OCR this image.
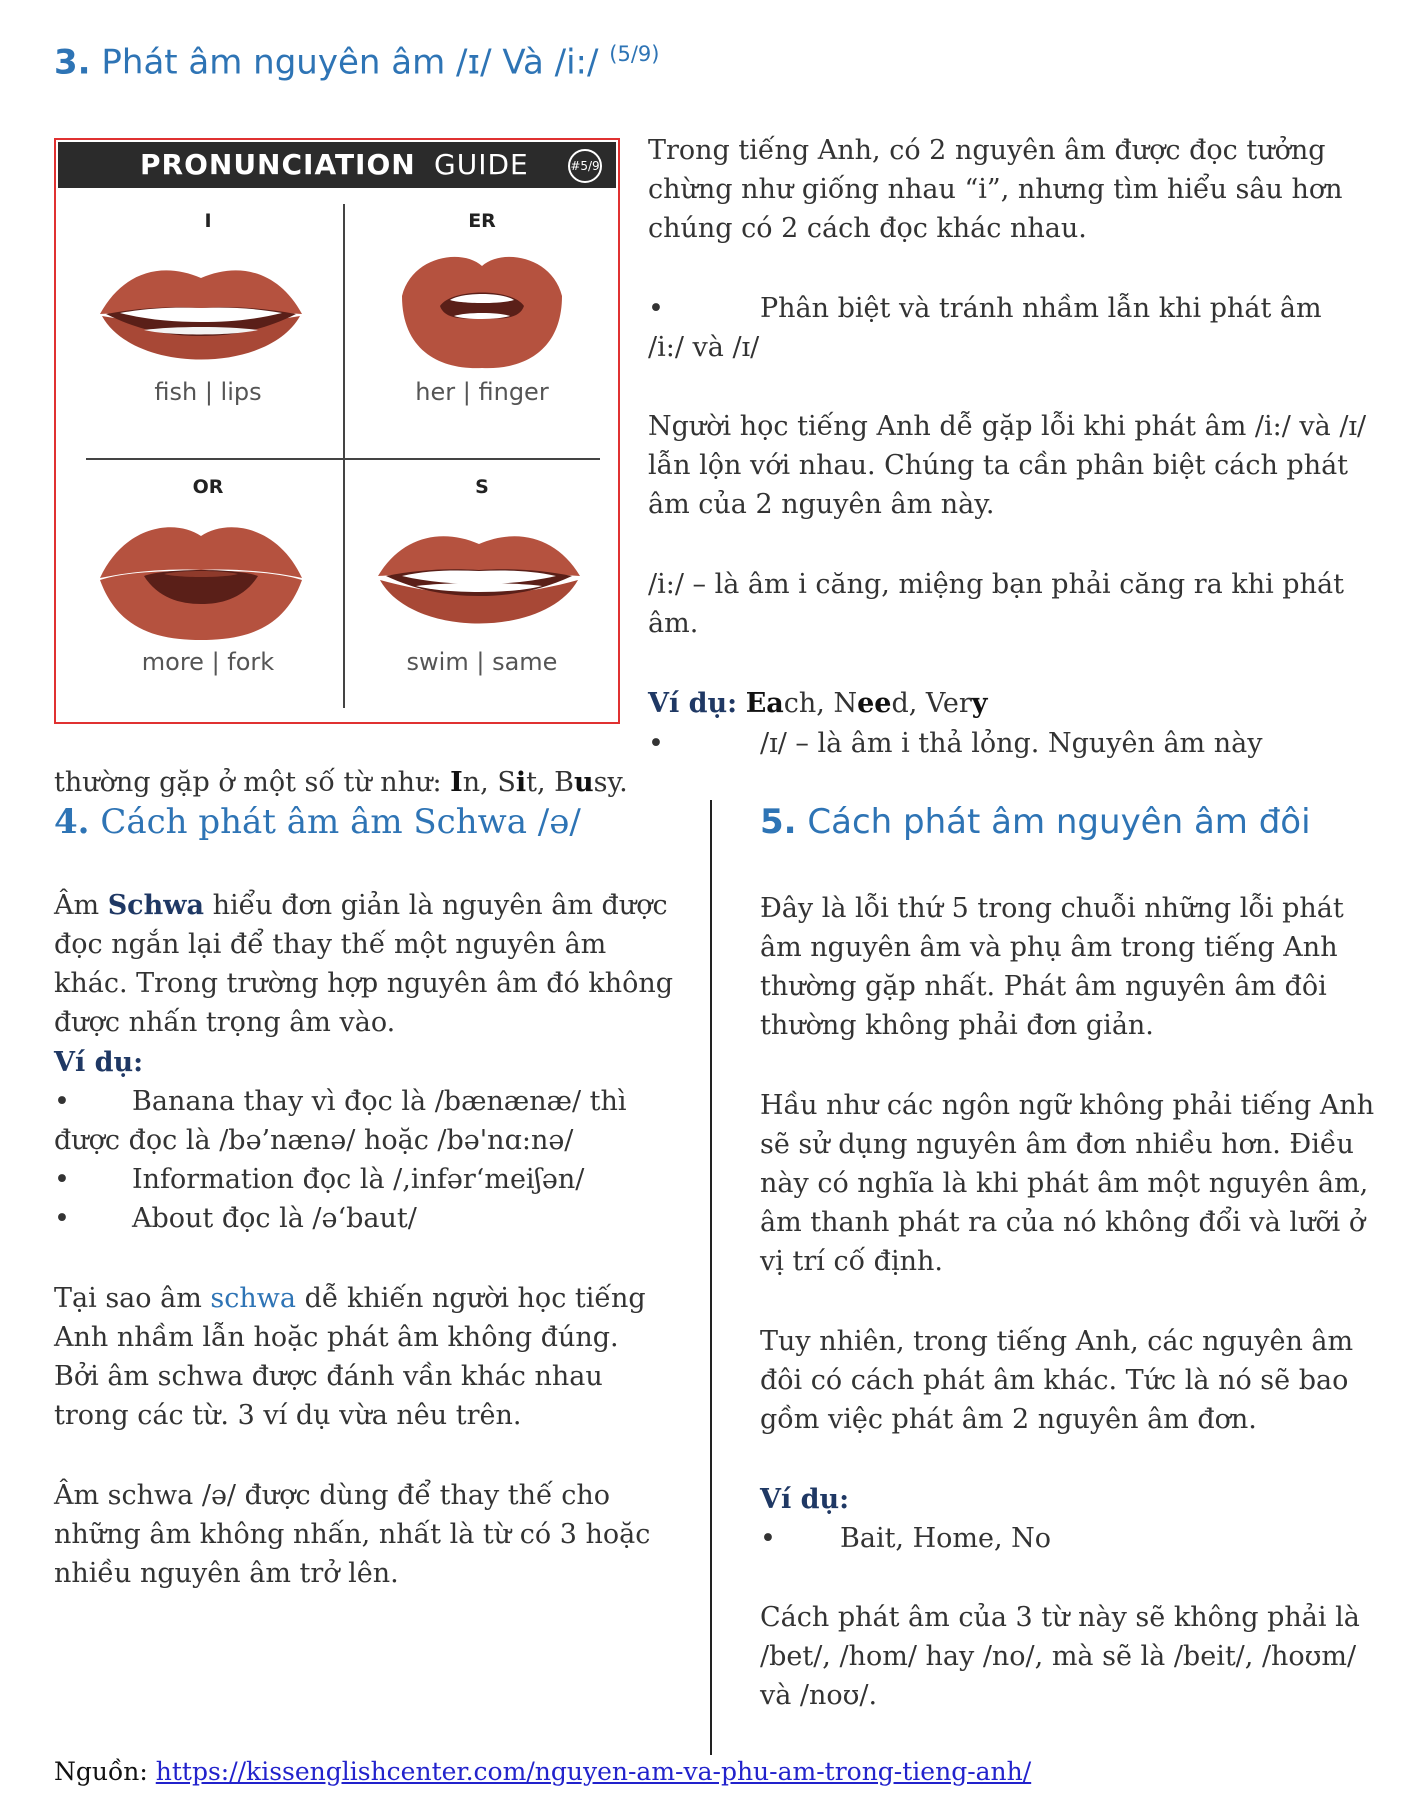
3. Phát âm nguyên âm /ɪ/ Và /i:/ $^{(5/9)}$
PRONUNCIATION GUIDE	#5/9
I
fish | lips
ER
her | finger
OR
more | fork
S
swim | same
Trong tiếng Anh, có 2 nguyên âm được đọc tưởng chừng như giống nhau “i”, nhưng tìm hiểu sâu hơn chúng có 2 cách đọc khác nhau.
•	Phân biệt và tránh nhầm lẫn khi phát âm
/i:/ và /ɪ/
Người học tiếng Anh dễ gặp lỗi khi phát âm /i:/ và /ɪ/ lẫn lộn với nhau. Chúng ta cần phân biệt cách phát âm của 2 nguyên âm này.
/i:/ – là âm i căng, miệng bạn phải căng ra khi phát âm.
Ví dụ: Each, Need, Very
•	/ɪ/ – là âm i thả lỏng. Nguyên âm này
thường gặp ở một số từ như: In, Sit, Busy.
4. Cách phát âm âm Schwa /ə/
Âm Schwa hiểu đơn giản là nguyên âm được đọc ngắn lại để thay thế một nguyên âm khác. Trong trường hợp nguyên âm đó không được nhấn trọng âm vào.
Ví dụ:
• Banana thay vì đọc là /bænænæ/ thì
được đọc là /bə’nænə/ hoặc /bə'nɑ:nə/
• Information đọc là /,infər‘meiʃən/
• About đọc là /ə‘baut/
Tại sao âm schwa dễ khiến người học tiếng Anh nhầm lẫn hoặc phát âm không đúng. Bởi âm schwa được đánh vần khác nhau trong các từ. 3 ví dụ vừa nêu trên.
Âm schwa /ə/ được dùng để thay thế cho những âm không nhấn, nhất là từ có 3 hoặc nhiều nguyên âm trở lên.
5. Cách phát âm nguyên âm đôi
Đây là lỗi thứ 5 trong chuỗi những lỗi phát âm nguyên âm và phụ âm trong tiếng Anh thường gặp nhất. Phát âm nguyên âm đôi thường không phải đơn giản.
Hầu như các ngôn ngữ không phải tiếng Anh sẽ sử dụng nguyên âm đơn nhiều hơn. Điều này có nghĩa là khi phát âm một nguyên âm, âm thanh phát ra của nó không đổi và lưỡi ở vị trí cố định.
Tuy nhiên, trong tiếng Anh, các nguyên âm đôi có cách phát âm khác. Tức là nó sẽ bao gồm việc phát âm 2 nguyên âm đơn.
Ví dụ:
• Bait, Home, No
Cách phát âm của 3 từ này sẽ không phải là /bet/, /hom/ hay /no/, mà sẽ là /beit/, /hoʊm/ và /noʊ/.
Nguồn: https://kissenglishcenter.com/nguyen-am-va-phu-am-trong-tieng-anh/
